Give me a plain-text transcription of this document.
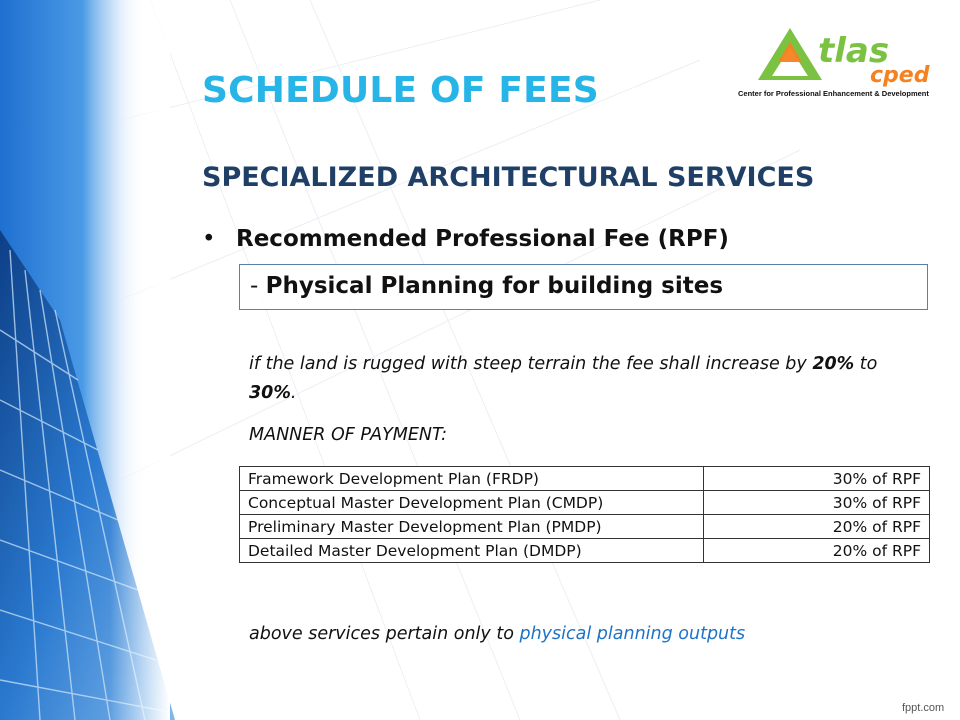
tlas
cped
Center for Professional Enhancement & Development
SCHEDULE OF FEES
SPECIALIZED ARCHITECTURAL SERVICES
• Recommended Professional Fee (RPF)
- Physical Planning for building sites
if the land is rugged with steep terrain the fee shall increase by 20% to 30%.
MANNER OF PAYMENT:
Framework Development Plan (FRDP)	30% of RPF
Conceptual Master Development Plan (CMDP)	30% of RPF
Preliminary Master Development Plan (PMDP)	20% of RPF
Detailed Master Development Plan (DMDP)	20% of RPF
above services pertain only to physical planning outputs
fppt.com
